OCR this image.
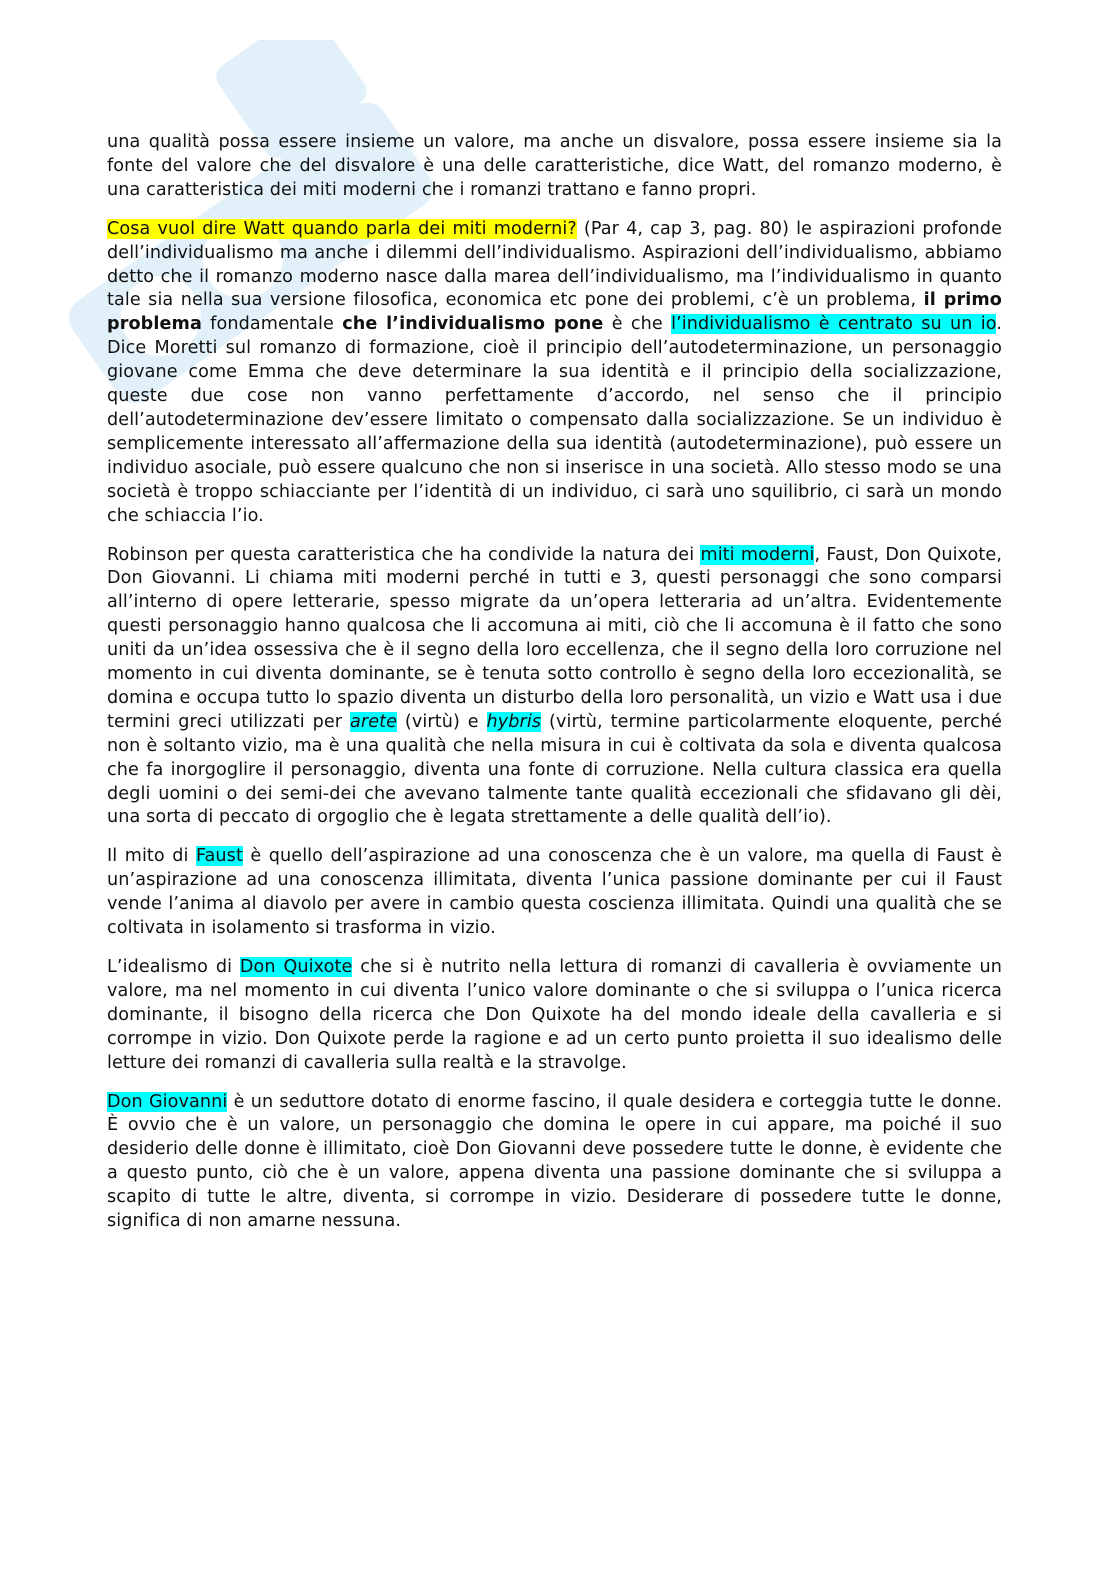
una qualità possa essere insieme un valore, ma anche un disvalore, possa essere insieme sia la fonte del valore che del disvalore è una delle caratteristiche, dice Watt, del romanzo moderno, è una caratteristica dei miti moderni che i romanzi trattano e fanno propri.

Cosa vuol dire Watt quando parla dei miti moderni? (Par 4, cap 3, pag. 80) le aspirazioni profonde dell’individualismo ma anche i dilemmi dell’individualismo. Aspirazioni dell’individualismo, abbiamo detto che il romanzo moderno nasce dalla marea dell’individualismo, ma l’individualismo in quanto tale sia nella sua versione filosofica, economica etc pone dei problemi, c’è un problema, il primo problema fondamentale che l’individualismo pone è che l’individualismo è centrato su un io. Dice Moretti sul romanzo di formazione, cioè il principio dell’autodeterminazione, un personaggio giovane come Emma che deve determinare la sua identità e il principio della socializzazione, queste due cose non vanno perfettamente d’accordo, nel senso che il principio dell’autodeterminazione dev’essere limitato o compensato dalla socializzazione. Se un individuo è semplicemente interessato all’affermazione della sua identità (autodeterminazione), può essere un individuo asociale, può essere qualcuno che non si inserisce in una società. Allo stesso modo se una società è troppo schiacciante per l’identità di un individuo, ci sarà uno squilibrio, ci sarà un mondo che schiaccia l’io.

Robinson per questa caratteristica che ha condivide la natura dei miti moderni, Faust, Don Quixote, Don Giovanni. Li chiama miti moderni perché in tutti e 3, questi personaggi che sono comparsi all’interno di opere letterarie, spesso migrate da un’opera letteraria ad un’altra. Evidentemente questi personaggio hanno qualcosa che li accomuna ai miti, ciò che li accomuna è il fatto che sono uniti da un’idea ossessiva che è il segno della loro eccellenza, che il segno della loro corruzione nel momento in cui diventa dominante, se è tenuta sotto controllo è segno della loro eccezionalità, se domina e occupa tutto lo spazio diventa un disturbo della loro personalità, un vizio e Watt usa i due termini greci utilizzati per arete (virtù) e hybris (virtù, termine particolarmente eloquente, perché non è soltanto vizio, ma è una qualità che nella misura in cui è coltivata da sola e diventa qualcosa che fa inorgoglire il personaggio, diventa una fonte di corruzione. Nella cultura classica era quella degli uomini o dei semi-dei che avevano talmente tante qualità eccezionali che sfidavano gli dèi, una sorta di peccato di orgoglio che è legata strettamente a delle qualità dell’io).

Il mito di Faust è quello dell’aspirazione ad una conoscenza che è un valore, ma quella di Faust è un’aspirazione ad una conoscenza illimitata, diventa l’unica passione dominante per cui il Faust vende l’anima al diavolo per avere in cambio questa coscienza illimitata. Quindi una qualità che se coltivata in isolamento si trasforma in vizio.

L’idealismo di Don Quixote che si è nutrito nella lettura di romanzi di cavalleria è ovviamente un valore, ma nel momento in cui diventa l’unico valore dominante o che si sviluppa o l’unica ricerca dominante, il bisogno della ricerca che Don Quixote ha del mondo ideale della cavalleria e si corrompe in vizio. Don Quixote perde la ragione e ad un certo punto proietta il suo idealismo delle letture dei romanzi di cavalleria sulla realtà e la stravolge.

Don Giovanni è un seduttore dotato di enorme fascino, il quale desidera e corteggia tutte le donne. È ovvio che è un valore, un personaggio che domina le opere in cui appare, ma poiché il suo desiderio delle donne è illimitato, cioè Don Giovanni deve possedere tutte le donne, è evidente che a questo punto, ciò che è un valore, appena diventa una passione dominante che si sviluppa a scapito di tutte le altre, diventa, si corrompe in vizio. Desiderare di possedere tutte le donne, significa di non amarne nessuna.
